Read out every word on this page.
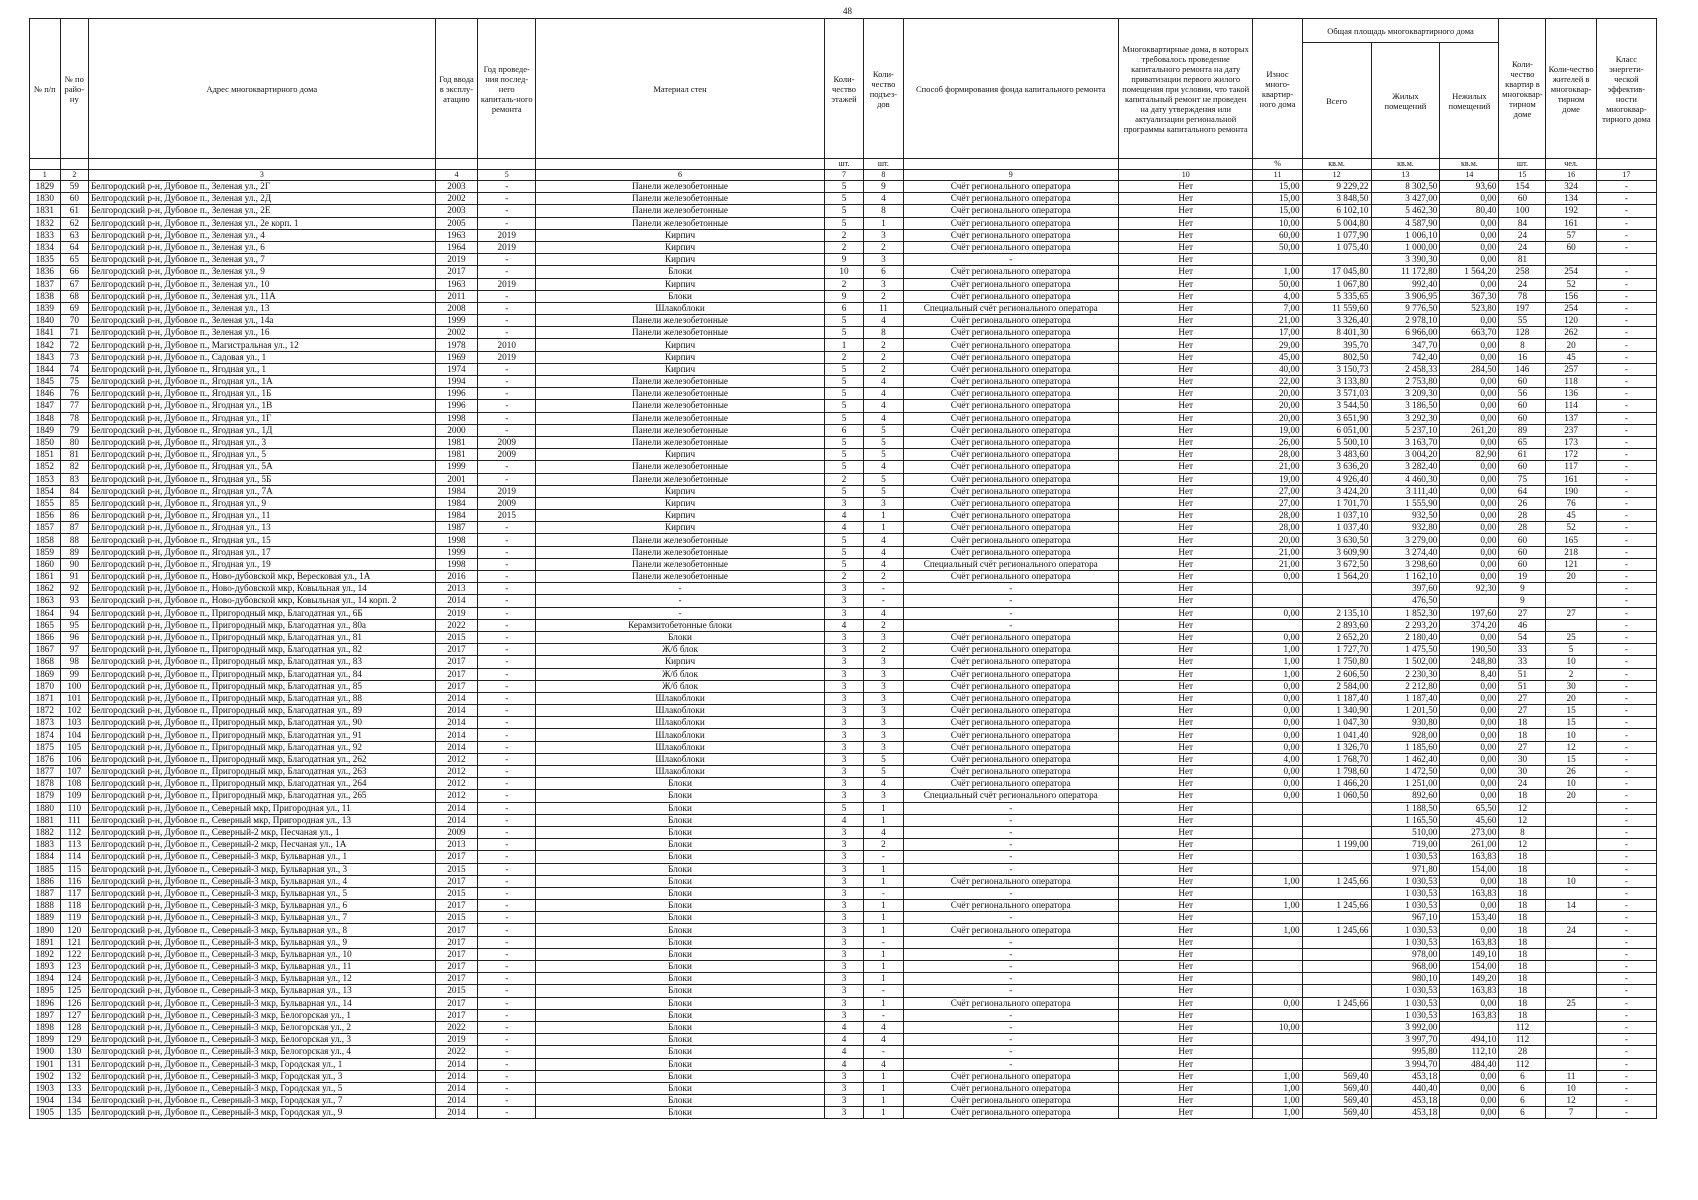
48
№ п/п	№ по райо-ну	Адрес многоквартирного дома	Год ввода в эксплу-атацию	Год проведе-ния послед-него капиталь-ного ремонта	Материал стен	Коли-чество этажей	Коли-чество подъез-дов	Способ формирования фонда капитального ремонта	Многоквартирные дома, в которых требовалось проведение капитального ремонта на дату приватизации первого жилого помещения при условии, что такой капитальный ремонт не проведен на дату утверждения или актуализации региональной программы капитального ремонта	Износ много-квартир-ного дома	Общая площадь многоквартирного дома			Коли-чество квартир в многоквар-тирном доме	Коли-чество жителей в многоквар-тирном доме	Класс энергети-ческой эффектив-ности многоквар-тирного дома
											Всего	Жилых помещений	Нежилых помещений			
						шт.	шт.			%	кв.м.	кв.м.	кв.м.	шт.	чел.	
1	2	3	4	5	6	7	8	9	10	11	12	13	14	15	16	17
1829	59	Белгородский р-н, Дубовое п., Зеленая ул., 2Г	2003	-	Панели железобетонные	5	9	Счёт регионального оператора	Нет	15,00	9 229,22	8 302,50	93,60	154	324	-
1830	60	Белгородский р-н, Дубовое п., Зеленая ул., 2Д	2002	-	Панели железобетонные	5	4	Счёт регионального оператора	Нет	15,00	3 848,50	3 427,00	0,00	60	134	-
1831	61	Белгородский р-н, Дубовое п., Зеленая ул., 2Е	2003	-	Панели железобетонные	5	8	Счёт регионального оператора	Нет	15,00	6 102,10	5 462,30	80,40	100	192	-
1832	62	Белгородский р-н, Дубовое п., Зеленая ул., 2е корп. 1	2005	-	Панели железобетонные	5	1	Счёт регионального оператора	Нет	10,00	5 004,80	4 587,90	0,00	84	161	-
1833	63	Белгородский р-н, Дубовое п., Зеленая ул., 4	1963	2019	Кирпич	2	3	Счёт регионального оператора	Нет	60,00	1 077,90	1 006,10	0,00	24	57	-
1834	64	Белгородский р-н, Дубовое п., Зеленая ул., 6	1964	2019	Кирпич	2	2	Счёт регионального оператора	Нет	50,00	1 075,40	1 000,00	0,00	24	60	-
1835	65	Белгородский р-н, Дубовое п., Зеленая ул., 7	2019	-	Кирпич	9	3	-	Нет			3 390,30	0,00	81		
1836	66	Белгородский р-н, Дубовое п., Зеленая ул., 9	2017	-	Блоки	10	6	Счёт регионального оператора	Нет	1,00	17 045,80	11 172,80	1 564,20	258	254	-
1837	67	Белгородский р-н, Дубовое п., Зеленая ул., 10	1963	2019	Кирпич	2	3	Счёт регионального оператора	Нет	50,00	1 067,80	992,40	0,00	24	52	-
1838	68	Белгородский р-н, Дубовое п., Зеленая ул., 11А	2011	-	Блоки	9	2	Счёт регионального оператора	Нет	4,00	5 335,65	3 906,95	367,30	78	156	-
1839	69	Белгородский р-н, Дубовое п., Зеленая ул., 13	2008	-	Шлакоблоки	6	11	Специальный счёт регионального оператора	Нет	7,00	11 559,60	9 776,50	523,80	197	254	-
1840	70	Белгородский р-н, Дубовое п., Зеленая ул., 14а	1999	-	Панели железобетонные	5	4	Счёт регионального оператора	Нет	21,00	3 326,40	2 978,10	0,00	55	120	-
1841	71	Белгородский р-н, Дубовое п., Зеленая ул., 16	2002	-	Панели железобетонные	5	8	Счёт регионального оператора	Нет	17,00	8 401,30	6 966,00	663,70	128	262	-
1842	72	Белгородский р-н, Дубовое п., Магистральная ул., 12	1978	2010	Кирпич	1	2	Счёт регионального оператора	Нет	29,00	395,70	347,70	0,00	8	20	-
1843	73	Белгородский р-н, Дубовое п., Садовая ул., 1	1969	2019	Кирпич	2	2	Счёт регионального оператора	Нет	45,00	802,50	742,40	0,00	16	45	-
1844	74	Белгородский р-н, Дубовое п., Ягодная ул., 1	1974	-	Кирпич	5	2	Счёт регионального оператора	Нет	40,00	3 150,73	2 458,33	284,50	146	257	-
1845	75	Белгородский р-н, Дубовое п., Ягодная ул., 1А	1994	-	Панели железобетонные	5	4	Счёт регионального оператора	Нет	22,00	3 133,80	2 753,80	0,00	60	118	-
1846	76	Белгородский р-н, Дубовое п., Ягодная ул., 1Б	1996	-	Панели железобетонные	5	4	Счёт регионального оператора	Нет	20,00	3 571,03	3 209,30	0,00	56	136	-
1847	77	Белгородский р-н, Дубовое п., Ягодная ул., 1В	1996	-	Панели железобетонные	5	4	Счёт регионального оператора	Нет	20,00	3 544,50	3 186,50	0,00	60	114	-
1848	78	Белгородский р-н, Дубовое п., Ягодная ул., 1Г	1998	-	Панели железобетонные	5	4	Счёт регионального оператора	Нет	20,00	3 651,90	3 292,30	0,00	60	137	-
1849	79	Белгородский р-н, Дубовое п., Ягодная ул., 1Д	2000	-	Панели железобетонные	6	5	Счёт регионального оператора	Нет	19,00	6 051,00	5 237,10	261,20	89	237	-
1850	80	Белгородский р-н, Дубовое п., Ягодная ул., 3	1981	2009	Панели железобетонные	5	5	Счёт регионального оператора	Нет	26,00	5 500,10	3 163,70	0,00	65	173	-
1851	81	Белгородский р-н, Дубовое п., Ягодная ул., 5	1981	2009	Кирпич	5	5	Счёт регионального оператора	Нет	28,00	3 483,60	3 004,20	82,90	61	172	-
1852	82	Белгородский р-н, Дубовое п., Ягодная ул., 5А	1999	-	Панели железобетонные	5	4	Счёт регионального оператора	Нет	21,00	3 636,20	3 282,40	0,00	60	117	-
1853	83	Белгородский р-н, Дубовое п., Ягодная ул., 5Б	2001	-	Панели железобетонные	2	5	Счёт регионального оператора	Нет	19,00	4 926,40	4 460,30	0,00	75	161	-
1854	84	Белгородский р-н, Дубовое п., Ягодная ул., 7А	1984	2019	Кирпич	5	5	Счёт регионального оператора	Нет	27,00	3 424,20	3 111,40	0,00	64	190	-
1855	85	Белгородский р-н, Дубовое п., Ягодная ул., 9	1984	2009	Кирпич	3	3	Счёт регионального оператора	Нет	27,00	1 701,70	1 555,90	0,00	26	76	-
1856	86	Белгородский р-н, Дубовое п., Ягодная ул., 11	1984	2015	Кирпич	4	1	Счёт регионального оператора	Нет	28,00	1 037,10	932,50	0,00	28	45	-
1857	87	Белгородский р-н, Дубовое п., Ягодная ул., 13	1987	-	Кирпич	4	1	Счёт регионального оператора	Нет	28,00	1 037,40	932,80	0,00	28	52	-
1858	88	Белгородский р-н, Дубовое п., Ягодная ул., 15	1998	-	Панели железобетонные	5	4	Счёт регионального оператора	Нет	20,00	3 630,50	3 279,00	0,00	60	165	-
1859	89	Белгородский р-н, Дубовое п., Ягодная ул., 17	1999	-	Панели железобетонные	5	4	Счёт регионального оператора	Нет	21,00	3 609,90	3 274,40	0,00	60	218	-
1860	90	Белгородский р-н, Дубовое п., Ягодная ул., 19	1998	-	Панели железобетонные	5	4	Специальный счёт регионального оператора	Нет	21,00	3 672,50	3 298,60	0,00	60	121	-
1861	91	Белгородский р-н, Дубовое п., Ново-дубовской мкр, Вересковая ул., 1А	2016	-	Панели железобетонные	2	2	Счёт регионального оператора	Нет	0,00	1 564,20	1 162,10	0,00	19	20	-
1862	92	Белгородский р-н, Дубовое п., Ново-дубовской мкр, Ковыльная ул., 14	2013	-	-	3	-	-	Нет			397,60	92,30	9		-
1863	93	Белгородский р-н, Дубовое п., Ново-дубовской мкр, Ковыльная ул., 14 корп. 2	2014	-	-	3	-	-	Нет			476,50		9		-
1864	94	Белгородский р-н, Дубовое п., Пригородный мкр, Благодатная ул., 6Б	2019	-	-	3	4	-	Нет	0,00	2 135,10	1 852,30	197,60	27	27	-
1865	95	Белгородский р-н, Дубовое п., Пригородный мкр, Благодатная ул., 80а	2022	-	Керамзитобетонные блоки	4	2	-	Нет		2 893,60	2 293,20	374,20	46		-
1866	96	Белгородский р-н, Дубовое п., Пригородный мкр, Благодатная ул., 81	2015	-	Блоки	3	3	Счёт регионального оператора	Нет	0,00	2 652,20	2 180,40	0,00	54	25	-
1867	97	Белгородский р-н, Дубовое п., Пригородный мкр, Благодатная ул., 82	2017	-	Ж/б блок	3	2	Счёт регионального оператора	Нет	1,00	1 727,70	1 475,50	190,50	33	5	-
1868	98	Белгородский р-н, Дубовое п., Пригородный мкр, Благодатная ул., 83	2017	-	Кирпич	3	3	Счёт регионального оператора	Нет	1,00	1 750,80	1 502,00	248,80	33	10	-
1869	99	Белгородский р-н, Дубовое п., Пригородный мкр, Благодатная ул., 84	2017	-	Ж/б блок	3	3	Счёт регионального оператора	Нет	1,00	2 606,50	2 230,30	8,40	51	2	-
1870	100	Белгородский р-н, Дубовое п., Пригородный мкр, Благодатная ул., 85	2017	-	Ж/б блок	3	3	Счёт регионального оператора	Нет	0,00	2 584,00	2 212,80	0,00	51	30	-
1871	101	Белгородский р-н, Дубовое п., Пригородный мкр, Благодатная ул., 88	2014	-	Шлакоблоки	3	3	Счёт регионального оператора	Нет	0,00	1 187,40	1 187,40	0,00	27	20	-
1872	102	Белгородский р-н, Дубовое п., Пригородный мкр, Благодатная ул., 89	2014	-	Шлакоблоки	3	3	Счёт регионального оператора	Нет	0,00	1 340,90	1 201,50	0,00	27	15	-
1873	103	Белгородский р-н, Дубовое п., Пригородный мкр, Благодатная ул., 90	2014	-	Шлакоблоки	3	3	Счёт регионального оператора	Нет	0,00	1 047,30	930,80	0,00	18	15	-
1874	104	Белгородский р-н, Дубовое п., Пригородный мкр, Благодатная ул., 91	2014	-	Шлакоблоки	3	3	Счёт регионального оператора	Нет	0,00	1 041,40	928,00	0,00	18	10	-
1875	105	Белгородский р-н, Дубовое п., Пригородный мкр, Благодатная ул., 92	2014	-	Шлакоблоки	3	3	Счёт регионального оператора	Нет	0,00	1 326,70	1 185,60	0,00	27	12	-
1876	106	Белгородский р-н, Дубовое п., Пригородный мкр, Благодатная ул., 262	2012	-	Шлакоблоки	3	5	Счёт регионального оператора	Нет	4,00	1 768,70	1 462,40	0,00	30	15	-
1877	107	Белгородский р-н, Дубовое п., Пригородный мкр, Благодатная ул., 263	2012	-	Шлакоблоки	3	5	Счёт регионального оператора	Нет	0,00	1 798,60	1 472,50	0,00	30	26	-
1878	108	Белгородский р-н, Дубовое п., Пригородный мкр, Благодатная ул., 264	2012	-	Блоки	3	4	Счёт регионального оператора	Нет	0,00	1 466,20	1 251,00	0,00	24	10	-
1879	109	Белгородский р-н, Дубовое п., Пригородный мкр, Благодатная ул., 265	2012	-	Блоки	3	3	Специальный счёт регионального оператора	Нет	0,00	1 060,50	892,60	0,00	18	20	-
1880	110	Белгородский р-н, Дубовое п., Северный мкр, Пригородная ул., 11	2014	-	Блоки	5	1	-	Нет			1 188,50	65,50	12		-
1881	111	Белгородский р-н, Дубовое п., Северный мкр, Пригородная ул., 13	2014	-	Блоки	4	1	-	Нет			1 165,50	45,60	12		-
1882	112	Белгородский р-н, Дубовое п., Северный-2 мкр, Песчаная ул., 1	2009	-	Блоки	3	4	-	Нет			510,00	273,00	8		-
1883	113	Белгородский р-н, Дубовое п., Северный-2 мкр, Песчаная ул., 1А	2013	-	Блоки	3	2	-	Нет		1 199,00	719,00	261,00	12		-
1884	114	Белгородский р-н, Дубовое п., Северный-3 мкр, Бульварная ул., 1	2017	-	Блоки	3	-	-	Нет			1 030,53	163,83	18		-
1885	115	Белгородский р-н, Дубовое п., Северный-3 мкр, Бульварная ул., 3	2015	-	Блоки	3	1	-	Нет			971,80	154,00	18		-
1886	116	Белгородский р-н, Дубовое п., Северный-3 мкр, Бульварная ул., 4	2017	-	Блоки	3	1	Счёт регионального оператора	Нет	1,00	1 245,66	1 030,53	0,00	18	10	-
1887	117	Белгородский р-н, Дубовое п., Северный-3 мкр, Бульварная ул., 5	2015	-	Блоки	3	-	-	Нет			1 030,53	163,83	18		-
1888	118	Белгородский р-н, Дубовое п., Северный-3 мкр, Бульварная ул., 6	2017	-	Блоки	3	1	Счёт регионального оператора	Нет	1,00	1 245,66	1 030,53	0,00	18	14	-
1889	119	Белгородский р-н, Дубовое п., Северный-3 мкр, Бульварная ул., 7	2015	-	Блоки	3	1	-	Нет			967,10	153,40	18		-
1890	120	Белгородский р-н, Дубовое п., Северный-3 мкр, Бульварная ул., 8	2017	-	Блоки	3	1	Счёт регионального оператора	Нет	1,00	1 245,66	1 030,53	0,00	18	24	-
1891	121	Белгородский р-н, Дубовое п., Северный-3 мкр, Бульварная ул., 9	2017	-	Блоки	3	-	-	Нет			1 030,53	163,83	18		-
1892	122	Белгородский р-н, Дубовое п., Северный-3 мкр, Бульварная ул., 10	2017	-	Блоки	3	1	-	Нет			978,00	149,10	18		-
1893	123	Белгородский р-н, Дубовое п., Северный-3 мкр, Бульварная ул., 11	2017	-	Блоки	3	1	-	Нет			968,00	154,00	18		-
1894	124	Белгородский р-н, Дубовое п., Северный-3 мкр, Бульварная ул., 12	2017	-	Блоки	3	1	-	Нет			980,10	149,20	18		-
1895	125	Белгородский р-н, Дубовое п., Северный-3 мкр, Бульварная ул., 13	2015	-	Блоки	3	-	-	Нет			1 030,53	163,83	18		-
1896	126	Белгородский р-н, Дубовое п., Северный-3 мкр, Бульварная ул., 14	2017	-	Блоки	3	1	Счёт регионального оператора	Нет	0,00	1 245,66	1 030,53	0,00	18	25	-
1897	127	Белгородский р-н, Дубовое п., Северный-3 мкр, Белогорская ул., 1	2017	-	Блоки	3	-	-	Нет			1 030,53	163,83	18		-
1898	128	Белгородский р-н, Дубовое п., Северный-3 мкр, Белогорская ул., 2	2022	-	Блоки	4	4	-	Нет	10,00		3 992,00		112		-
1899	129	Белгородский р-н, Дубовое п., Северный-3 мкр, Белогорская ул., 3	2019	-	Блоки	4	4	-	Нет			3 997,70	494,10	112		-
1900	130	Белгородский р-н, Дубовое п., Северный-3 мкр, Белогорская ул., 4	2022	-	Блоки	4	-	-	Нет			995,80	112,10	28		-
1901	131	Белгородский р-н, Дубовое п., Северный-3 мкр, Городская ул., 1	2014	-	Блоки	4	4	-	Нет			3 994,70	484,40	112		-
1902	132	Белгородский р-н, Дубовое п., Северный-3 мкр, Городская ул., 3	2014	-	Блоки	3	1	Счёт регионального оператора	Нет	1,00	569,40	453,18	0,00	6	11	-
1903	133	Белгородский р-н, Дубовое п., Северный-3 мкр, Городская ул., 5	2014	-	Блоки	3	1	Счёт регионального оператора	Нет	1,00	569,40	440,40	0,00	6	10	-
1904	134	Белгородский р-н, Дубовое п., Северный-3 мкр, Городская ул., 7	2014	-	Блоки	3	1	Счёт регионального оператора	Нет	1,00	569,40	453,18	0,00	6	12	-
1905	135	Белгородский р-н, Дубовое п., Северный-3 мкр, Городская ул., 9	2014	-	Блоки	3	1	Счёт регионального оператора	Нет	1,00	569,40	453,18	0,00	6	7	-
